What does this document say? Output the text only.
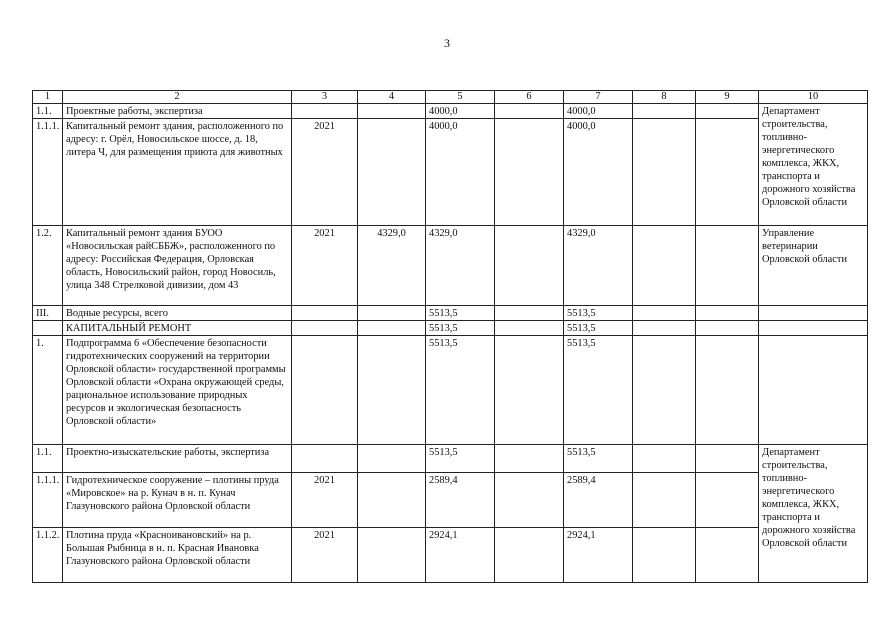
3
1	2	3	4	5	6	7	8	9	10
1.1.	Проектные работы, экспертиза			4000,0		4000,0			Департамент строительства, топливно-энергетического комплекса, ЖКХ, транспорта и дорожного хозяйства Орловской области
1.1.1.	Капитальный ремонт здания, расположенного по адресу: г. Орёл, Новосильское шоссе, д. 18, литера Ч, для размещения приюта для животных	2021		4000,0		4000,0			
1.2.	Капитальный ремонт здания БУОО «Новосильская райСББЖ», расположенного по адресу: Российская Федерация, Орловская область, Новосильский район, город Новосиль, улица 348 Стрелковой дивизии, дом 43	2021	4329,0	4329,0		4329,0			Управление ветеринарии Орловской области
III.	Водные ресурсы, всего			5513,5		5513,5			
	КАПИТАЛЬНЫЙ РЕМОНТ			5513,5		5513,5			
1.	Подпрограмма 6 «Обеспечение безопасности гидротехнических сооружений на территории Орловской области» государственной программы Орловской области «Охрана окружающей среды, рациональное использование природных ресурсов и экологическая безопасность Орловской области»			5513,5		5513,5			
1.1.	Проектно-изыскательские работы, экспертиза			5513,5		5513,5			Департамент строительства, топливно-энергетического комплекса, ЖКХ, транспорта и дорожного хозяйства Орловской области
1.1.1.	Гидротехническое сооружение – плотины пруда «Мировское» на р. Кунач в н. п. Кунач Глазуновского района Орловской области	2021		2589,4		2589,4			
1.1.2.	Плотина пруда «Красноивановский» на р. Большая Рыбница в н. п. Красная Ивановка Глазуновского района Орловской области	2021		2924,1		2924,1			
